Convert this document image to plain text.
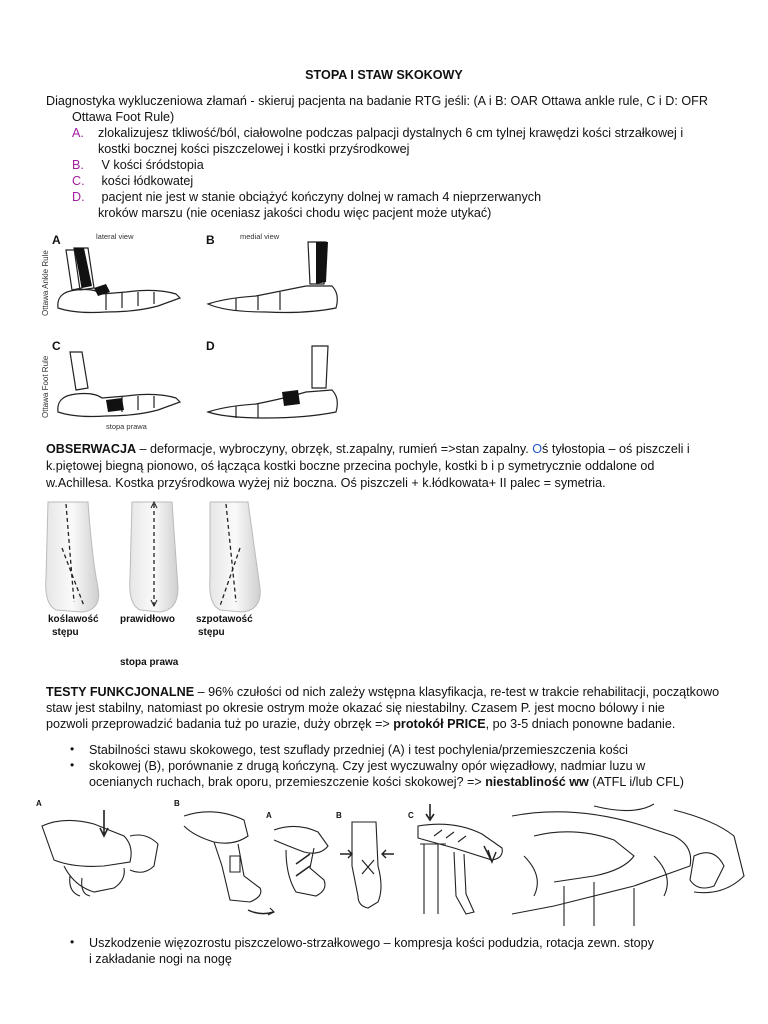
STOPA I STAW SKOKOWY
Diagnostyka wykluczeniowa złamań - skieruj pacjenta na badanie RTG jeśli: (A i B: OAR Ottawa ankle rule, C i D: OFR
Ottawa Foot Rule)
A. zlokalizujesz tkliwość/ból, ciałowolne podczas palpacji dystalnych 6 cm tylnej krawędzi kości strzałkowej i
kostki bocznej kości piszczelowej i kostki przyśrodkowej
B. V kości śródstopia
C. kości łódkowatej
D. pacjent nie jest w stanie obciążyć kończyny dolnej w ramach 4 nieprzerwanych
kroków marszu (nie oceniasz jakości chodu więc pacjent może utykać)
Ottawa Ankle Rule
Ottawa Foot Rule
A	B
C	D
lateral view	medial view
stopa prawa
OBSERWACJA – deformacje, wybroczyny, obrzęk, st.zapalny, rumień =>stan zapalny. Oś tyłostopia – oś piszczeli i
k.piętowej biegną pionowo, oś łącząca kostki boczne przecina pochyle, kostki b i p symetrycznie oddalone od
w.Achillesa. Kostka przyśrodkowa wyżej niż boczna. Oś piszczeli + k.łódkowata+ II palec = symetria.
koślawość
stępu
prawidłowo szpotawość
stępu
stopa prawa
TESTY FUNKCJONALNE – 96% czułości od nich zależy wstępna klasyfikacja, re-test w trakcie rehabilitacji, początkowo
staw jest stabilny, natomiast po okresie ostrym może okazać się niestabilny. Czasem P. jest mocno bólowy i nie
pozwoli przeprowadzić badania tuż po urazie, duży obrzęk => protokół PRICE, po 3-5 dniach ponowne badanie.
• Stabilności stawu skokowego, test szuflady przedniej (A) i test pochylenia/przemieszczenia kości
• skokowej (B), porównanie z drugą kończyną. Czy jest wyczuwalny opór więzadłowy, nadmiar luzu w
ocenianych ruchach, brak oporu, przemieszczenie kości skokowej? => niestabliność ww (ATFL i/lub CFL)
A	B
A	B	C
• Uszkodzenie więzozrostu piszczelowo-strzałkowego – kompresja kości podudzia, rotacja zewn. stopy
i zakładanie nogi na nogę
